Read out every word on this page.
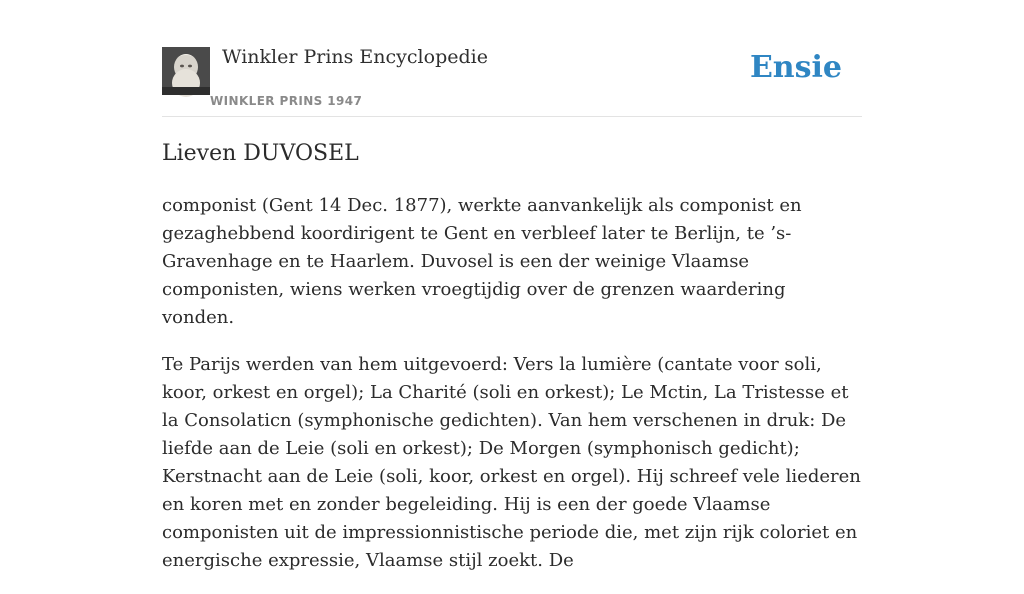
Winkler Prins Encyclopedie
WINKLER PRINS 1947
Ensie
Lieven DUVOSEL

componist (Gent 14 Dec. 1877), werkte aanvankelijk als componist en gezaghebbend koordirigent te Gent en verbleef later te Berlijn, te ’s-Gravenhage en te Haarlem. Duvosel is een der weinige Vlaamse componisten, wiens werken vroegtijdig over de grenzen waardering vonden.

Te Parijs werden van hem uitgevoerd: Vers la lumière (cantate voor soli, koor, orkest en orgel); La Charité (soli en orkest); Le Mctin, La Tristesse et la Consolaticn (symphonische gedichten). Van hem verschenen in druk: De liefde aan de Leie (soli en orkest); De Morgen (symphonisch gedicht); Kerstnacht aan de Leie (soli, koor, orkest en orgel). Hij schreef vele liederen en koren met en zonder begeleiding. Hij is een der goede Vlaamse componisten uit de impressionnistische periode die, met zijn rijk coloriet en energische expressie, Vlaamse stijl zoekt. De
